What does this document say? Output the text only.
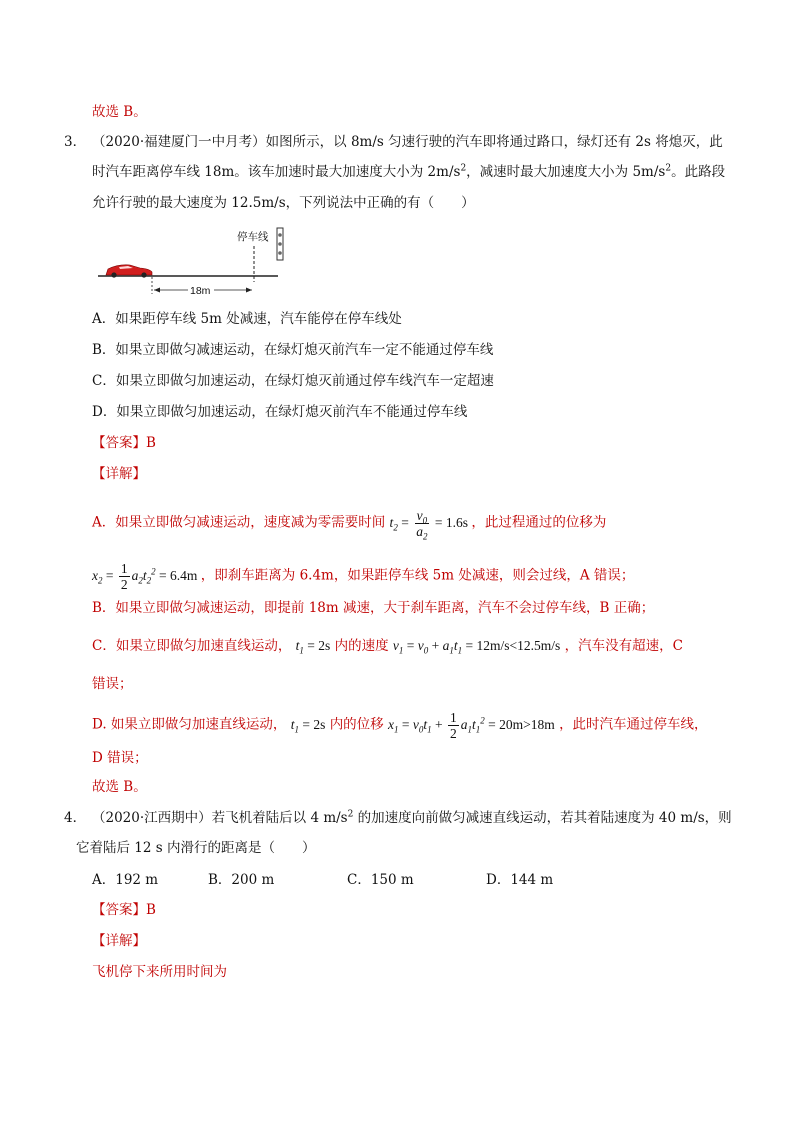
故选 B。
3． （2020·福建厦门一中月考）如图所示，以 8m/s 匀速行驶的汽车即将通过路口，绿灯还有 2s 将熄灭，此
时汽车距离停车线 18m。该车加速时最大加速度大小为 $2m/s^2$，减速时最大加速度大小为 $5m/s^2$。此路段
允许行驶的最大速度为 12.5m/s，下列说法中正确的有（　　）
停车线
18m
A．如果距停车线 5m 处减速，汽车能停在停车线处
B．如果立即做匀减速运动，在绿灯熄灭前汽车一定不能通过停车线
C．如果立即做匀加速运动，在绿灯熄灭前通过停车线汽车一定超速
D．如果立即做匀加速运动，在绿灯熄灭前汽车不能通过停车线
【答案】B
【详解】
A．如果立即做匀减速运动，速度减为零需要时间 $t_2 = \frac{v_0}{a_2} = 1.6s$ ，此过程通过的位移为
$x_2 = \frac{1}{2} a_2t_2^2 = 6.4m$ ，即刹车距离为 6.4m，如果距停车线 5m 处减速，则会过线，A 错误；
B．如果立即做匀减速运动，即提前 18m 减速，大于刹车距离，汽车不会过停车线，B 正确；
C．如果立即做匀加速直线运动， $t_1 = 2s$ 内的速度 $v_1 = v_0 + a_1t_1 = 12m/s<12.5m/s$ ，汽车没有超速，C
错误；
D. 如果立即做匀加速直线运动， $t_1 = 2s$ 内的位移 $x_1 = v_0t_1 + \frac{1}{2} a_1t_1^2 = 20m>18m$ ，此时汽车通过停车线，
D 错误；
故选 B。
4． （2020·江西期中）若飞机着陆后以 4 $m/s^2$ 的加速度向前做匀减速直线运动，若其着陆速度为 40 m/s，则
它着陆后 12 s 内滑行的距离是（　　）
A．192 m	B．200 m	C．150 m	D．144 m
【答案】B
【详解】
飞机停下来所用时间为
